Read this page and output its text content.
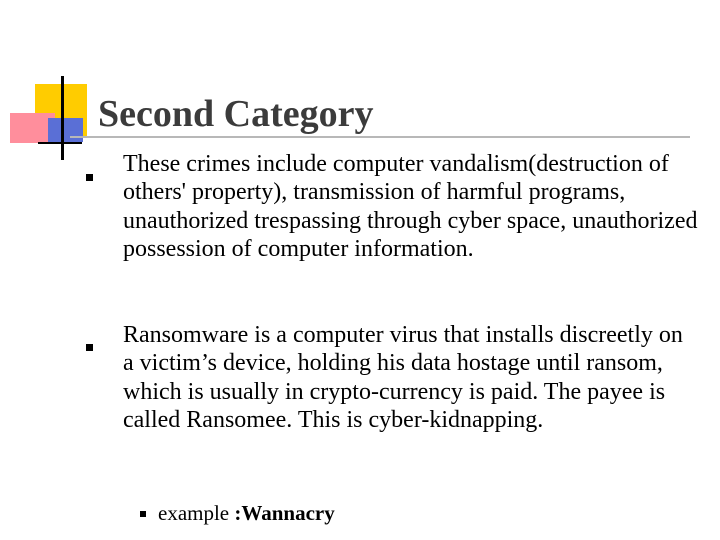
Second Category
These crimes include computer vandalism(destruction of others' property), transmission of harmful programs, unauthorized trespassing through cyber space, unauthorized possession of computer information.
Ransomware is a computer virus that installs discreetly on a victim’s device, holding his data hostage until ransom, which is usually in crypto-currency is paid. The payee is called Ransomee. This is cyber-kidnapping.
example :Wannacry
